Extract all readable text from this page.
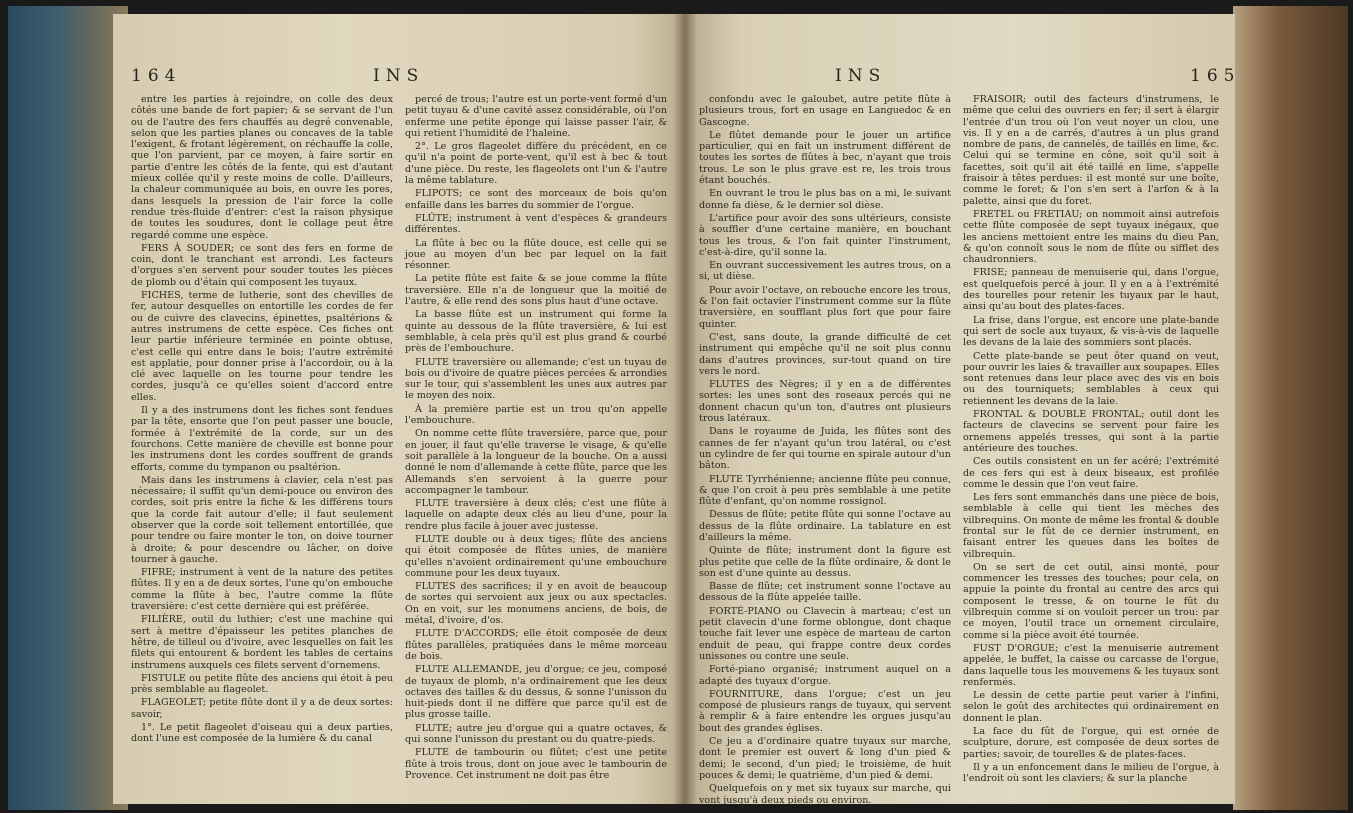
164	INS

entre les parties à rejoindre, on colle des deux côtés une bande de fort papier; & se servant de l'un ou de l'autre des fers chauffés au degré convenable, selon que les parties planes ou concaves de la table l'exigent, & frotant légèrement, on réchauffe la colle, que l'on parvient, par ce moyen, à faire sortir en partie d'entre les côtés de la fente, qui est d'autant mieux collée qu'il y reste moins de colle. D'ailleurs, la chaleur communiquée au bois, en ouvre les pores, dans lesquels la pression de l'air force la colle rendue très-fluide d'entrer: c'est la raison physique de toutes les soudures, dont le collage peut être regardé comme une espèce.

FERS À SOUDER; ce sont des fers en forme de coin, dont le tranchant est arrondi. Les facteurs d'orgues s'en servent pour souder toutes les pièces de plomb ou d'étain qui composent les tuyaux.

FICHES, terme de lutherie, sont des chevilles de fer, autour desquelles on entortille les cordes de fer ou de cuivre des clavecins, épinettes, psaltérions & autres instrumens de cette espèce. Ces fiches ont leur partie inférieure terminée en pointe obtuse, c'est celle qui entre dans le bois; l'autre extrémité est applatie, pour donner prise à l'accordoir, ou à la clé avec laquelle on les tourne pour tendre les cordes, jusqu'à ce qu'elles soient d'accord entre elles.

Il y a des instrumens dont les fiches sont fendues par la tête, ensorte que l'on peut passer une boucle, formée à l'extrémité de la corde, sur un des fourchons. Cette manière de cheville est bonne pour les instrumens dont les cordes souffrent de grands efforts, comme du tympanon ou psaltérion.

Mais dans les instrumens à clavier, cela n'est pas nécessaire; il suffit qu'un demi-pouce ou environ des cordes, soit pris entre la fiche & les différens tours que la corde fait autour d'elle; il faut seulement observer que la corde soit tellement entortillée, que pour tendre ou faire monter le ton, on doive tourner à droite; & pour descendre ou lâcher, on doive tourner à gauche.

FIFRE; instrument à vent de la nature des petites flûtes. Il y en a de deux sortes, l'une qu'on embouche comme la flûte à bec, l'autre comme la flûte traversière: c'est cette dernière qui est préférée.

FILIÈRE, outil du luthier; c'est une machine qui sert à mettre d'épaisseur les petites planches de hêtre, de tilleul ou d'ivoire, avec lesquelles on fait les filets qui entourent & bordent les tables de certains instrumens auxquels ces filets servent d'ornemens.

FISTULE ou petite flûte des anciens qui étoit à peu près semblable au flageolet.

FLAGEOLET; petite flûte dont il y a de deux sortes: savoir,

1°. Le petit flageolet d'oiseau qui a deux parties, dont l'une est composée de la lumière & du canal

percé de trous; l'autre est un porte-vent formé d'un petit tuyau & d'une cavité assez considérable, où l'on enferme une petite éponge qui laisse passer l'air, & qui retient l'humidité de l'haleine.

2°. Le gros flageolet diffère du précédent, en ce qu'il n'a point de porte-vent, qu'il est à bec & tout d'une pièce. Du reste, les flageolets ont l'un & l'autre la même tablature.

FLIPOTS; ce sont des morceaux de bois qu'on enfaille dans les barres du sommier de l'orgue.

FLÛTE; instrument à vent d'espèces & grandeurs différentes.

La flûte à bec ou la flûte douce, est celle qui se joue au moyen d'un bec par lequel on la fait résonner.

La petite flûte est faite & se joue comme la flûte traversière. Elle n'a de longueur que la moitié de l'autre, & elle rend des sons plus haut d'une octave.

La basse flûte est un instrument qui forme la quinte au dessous de la flûte traversière, & lui est semblable, à cela près qu'il est plus grand & courbé près de l'embouchure.

FLUTE traversière ou allemande; c'est un tuyau de bois ou d'ivoire de quatre pièces percées & arrondies sur le tour, qui s'assemblent les unes aux autres par le moyen des noix.

À la première partie est un trou qu'on appelle l'embouchure.

On nomme cette flûte traversière, parce que, pour en jouer, il faut qu'elle traverse le visage, & qu'elle soit parallèle à la longueur de la bouche. On a aussi donné le nom d'allemande à cette flûte, parce que les Allemands s'en servoient à la guerre pour accompagner le tambour.

FLUTE traversière à deux clés; c'est une flûte à laquelle on adapte deux clés au lieu d'une, pour la rendre plus facile à jouer avec justesse.

FLUTE double ou à deux tiges; flûte des anciens qui étoit composée de flûtes unies, de manière qu'elles n'avoient ordinairement qu'une embouchure commune pour les deux tuyaux.

FLUTES des sacrifices; il y en avoit de beaucoup de sortes qui servoient aux jeux ou aux spectacles. On en voit, sur les monumens anciens, de bois, de métal, d'ivoire, d'os.

FLUTE D'ACCORDS; elle étoit composée de deux flûtes parallèles, pratiquées dans le même morceau de bois.

FLUTE ALLEMANDE, jeu d'orgue; ce jeu, composé de tuyaux de plomb, n'a ordinairement que les deux octaves des tailles & du dessus, & sonne l'unisson du huit-pieds dont il ne diffère que parce qu'il est de plus grosse taille.

FLUTE; autre jeu d'orgue qui a quatre octaves, & qui sonne l'unisson du prestant ou du quatre-pieds.

FLUTE de tambourin ou flûtet; c'est une petite flûte à trois trous, dont on joue avec le tambourin de Provence. Cet instrument ne doit pas être

INS	165

confondu avec le galoubet, autre petite flûte à plusieurs trous, fort en usage en Languedoc & en Gascogne.

Le flûtet demande pour le jouer un artifice particulier, qui en fait un instrument différent de toutes les sortes de flûtes à bec, n'ayant que trois trous. Le son le plus grave est re, les trois trous étant bouchés.

En ouvrant le trou le plus bas on a mi, le suivant donne fa dièse, & le dernier sol dièse.

L'artifice pour avoir des sons ultérieurs, consiste à souffler d'une certaine manière, en bouchant tous les trous, & l'on fait quinter l'instrument, c'est-à-dire, qu'il sonne la.

En ouvrant successivement les autres trous, on a si, ut dièse.

Pour avoir l'octave, on rebouche encore les trous, & l'on fait octavier l'instrument comme sur la flûte traversière, en soufflant plus fort que pour faire quinter.

C'est, sans doute, la grande difficulté de cet instrument qui empêche qu'il ne soit plus connu dans d'autres provinces, sur-tout quand on tire vers le nord.

FLUTES des Nègres; il y en a de différentes sortes: les unes sont des roseaux percés qui ne donnent chacun qu'un ton, d'autres ont plusieurs trous latéraux.

Dans le royaume de Juida, les flûtes sont des cannes de fer n'ayant qu'un trou latéral, ou c'est un cylindre de fer qui tourne en spirale autour d'un bâton.

FLUTE Tyrrhénienne; ancienne flûte peu connue, & que l'on croit à peu près semblable à une petite flûte d'enfant, qu'on nomme rossignol.

Dessus de flûte; petite flûte qui sonne l'octave au dessus de la flûte ordinaire. La tablature en est d'ailleurs la même.

Quinte de flûte; instrument dont la figure est plus petite que celle de la flûte ordinaire, & dont le son est d'une quinte au dessus.

Basse de flûte; cet instrument sonne l'octave au dessous de la flûte appelée taille.

FORTÉ-PIANO ou Clavecin à marteau; c'est un petit clavecin d'une forme oblongue, dont chaque touche fait lever une espèce de marteau de carton enduit de peau, qui frappe contre deux cordes unissones ou contre une seule.

Forté-piano organisé; instrument auquel on a adapté des tuyaux d'orgue.

FOURNITURE, dans l'orgue; c'est un jeu composé de plusieurs rangs de tuyaux, qui servent à remplir & à faire entendre les orgues jusqu'au bout des grandes églises.

Ce jeu a d'ordinaire quatre tuyaux sur marche, dont le premier est ouvert & long d'un pied & demi; le second, d'un pied; le troisième, de huit pouces & demi; le quatrième, d'un pied & demi.

Quelquefois on y met six tuyaux sur marche, qui vont jusqu'à deux pieds ou environ.

FRAISOIR; outil des facteurs d'instrumens, le même que celui des ouvriers en fer; il sert à élargir l'entrée d'un trou où l'on veut noyer un clou, une vis. Il y en a de carrés, d'autres à un plus grand nombre de pans, de cannelés, de taillés en lime, &c. Celui qui se termine en cône, soit qu'il soit à facettes, soit qu'il ait été taillé en lime, s'appelle fraisoir à têtes perdues: il est monté sur une boîte, comme le foret; & l'on s'en sert à l'arfon & à la palette, ainsi que du foret.

FRETEL ou FRETIAU; on nommoit ainsi autrefois cette flûte composée de sept tuyaux inégaux, que les anciens mettoient entre les mains du dieu Pan, & qu'on connoît sous le nom de flûte ou sifflet des chaudronniers.

FRISE; panneau de menuiserie qui, dans l'orgue, est quelquefois percé à jour. Il y en a à l'extrémité des tourelles pour retenir les tuyaux par le haut, ainsi qu'au bout des plates-faces.

La frise, dans l'orgue, est encore une plate-bande qui sert de socle aux tuyaux, & vis-à-vis de laquelle les devans de la laie des sommiers sont placés.

Cette plate-bande se peut ôter quand on veut, pour ouvrir les laies & travailler aux soupapes. Elles sont retenues dans leur place avec des vis en bois ou des tourniquets; semblables à ceux qui retiennent les devans de la laie.

FRONTAL & DOUBLE FRONTAL; outil dont les facteurs de clavecins se servent pour faire les ornemens appelés tresses, qui sont à la partie antérieure des touches.

Ces outils consistent en un fer acéré; l'extrémité de ces fers qui est à deux biseaux, est profilée comme le dessin que l'on veut faire.

Les fers sont emmanchés dans une pièce de bois, semblable à celle qui tient les mèches des vilbrequins. On monte de même les frontal & double frontal sur le fût de ce dernier instrument, en faisant entrer les queues dans les boîtes de vilbrequin.

On se sert de cet outil, ainsi monté, pour commencer les tresses des touches; pour cela, on appuie la pointe du frontal au centre des arcs qui composent le tresse, & on tourne le fût du vilbrequin comme si on vouloit percer un trou: par ce moyen, l'outil trace un ornement circulaire, comme si la pièce avoit été tournée.

FUST D'ORGUE; c'est la menuiserie autrement appelée, le buffet, la caisse ou carcasse de l'orgue, dans laquelle tous les mouvemens & les tuyaux sont renfermés.

Le dessin de cette partie peut varier à l'infini, selon le goût des architectes qui ordinairement en donnent le plan.

La face du fût de l'orgue, qui est ornée de sculpture, dorure, est composée de deux sortes de parties; savoir, de tourelles & de plates-faces.

Il y a un enfoncement dans le milieu de l'orgue, à l'endroit où sont les claviers; & sur la planche
